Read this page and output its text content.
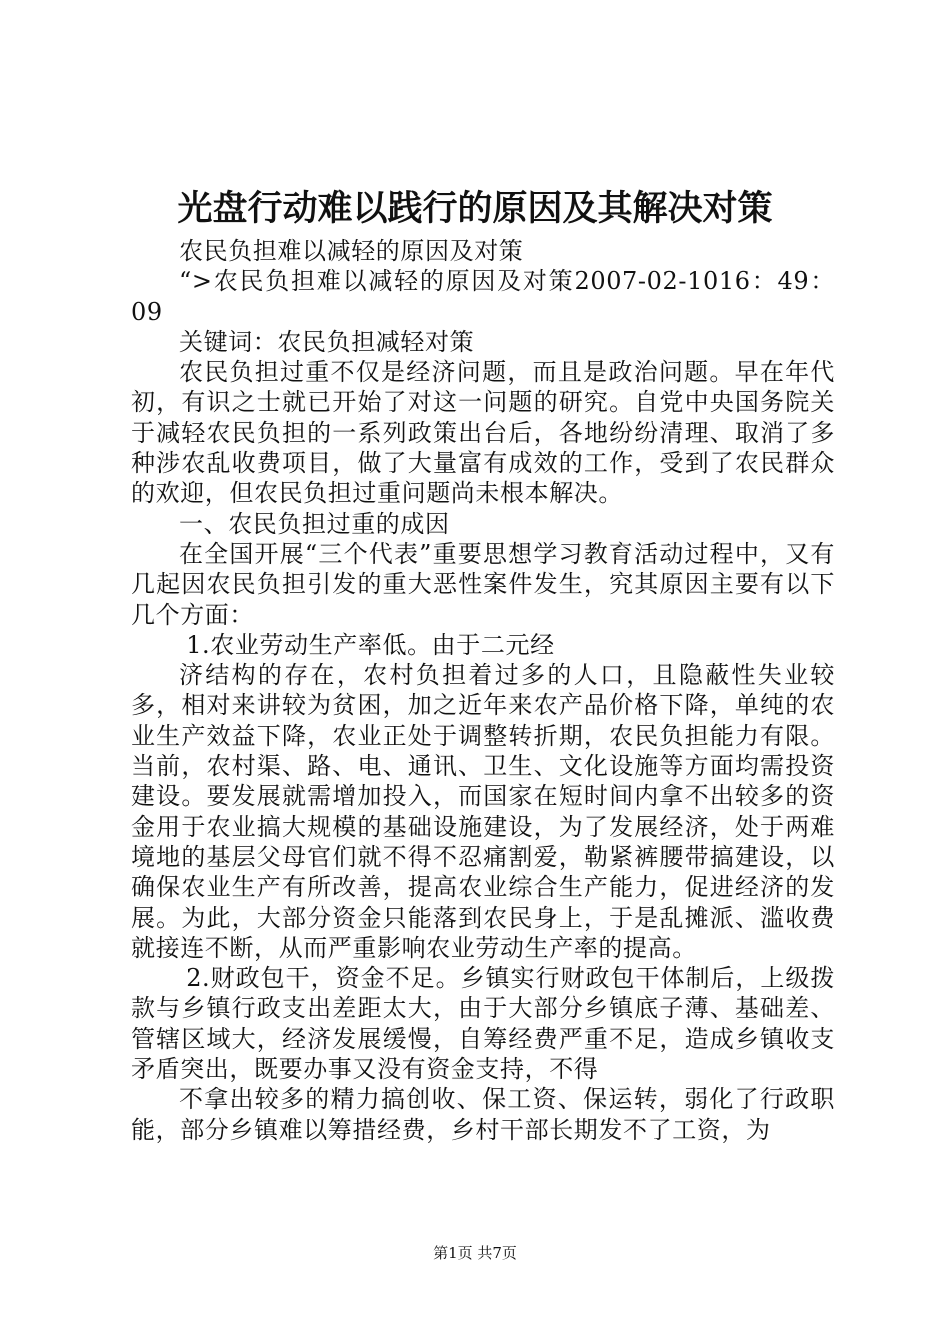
光盘行动难以践行的原因及其解决对策

农民负担难以减轻的原因及对策

“>农民负担难以减轻的原因及对策2007-02-1016：49：09

关键词：农民负担减轻对策

农民负担过重不仅是经济问题，而且是政治问题。早在年代初，有识之士就已开始了对这一问题的研究。自党中央国务院关于减轻农民负担的一系列政策出台后，各地纷纷清理、取消了多种涉农乱收费项目，做了大量富有成效的工作，受到了农民群众的欢迎，但农民负担过重问题尚未根本解决。

一、农民负担过重的成因

在全国开展“三个代表”重要思想学习教育活动过程中，又有几起因农民负担引发的重大恶性案件发生，究其原因主要有以下几个方面：

1.农业劳动生产率低。由于二元经

济结构的存在，农村负担着过多的人口，且隐蔽性失业较多，相对来讲较为贫困，加之近年来农产品价格下降，单纯的农业生产效益下降，农业正处于调整转折期，农民负担能力有限。当前，农村渠、路、电、通讯、卫生、文化设施等方面均需投资建设。要发展就需增加投入，而国家在短时间内拿不出较多的资金用于农业搞大规模的基础设施建设，为了发展经济，处于两难境地的基层父母官们就不得不忍痛割爱，勒紧裤腰带搞建设，以确保农业生产有所改善，提高农业综合生产能力，促进经济的发展。为此，大部分资金只能落到农民身上，于是乱摊派、滥收费就接连不断，从而严重影响农业劳动生产率的提高。

2.财政包干，资金不足。乡镇实行财政包干体制后，上级拨款与乡镇行政支出差距太大，由于大部分乡镇底子薄、基础差、管辖区域大，经济发展缓慢，自筹经费严重不足，造成乡镇收支矛盾突出，既要办事又没有资金支持，不得

不拿出较多的精力搞创收、保工资、保运转，弱化了行政职能，部分乡镇难以筹措经费，乡村干部长期发不了工资，为

第1页 共7页
